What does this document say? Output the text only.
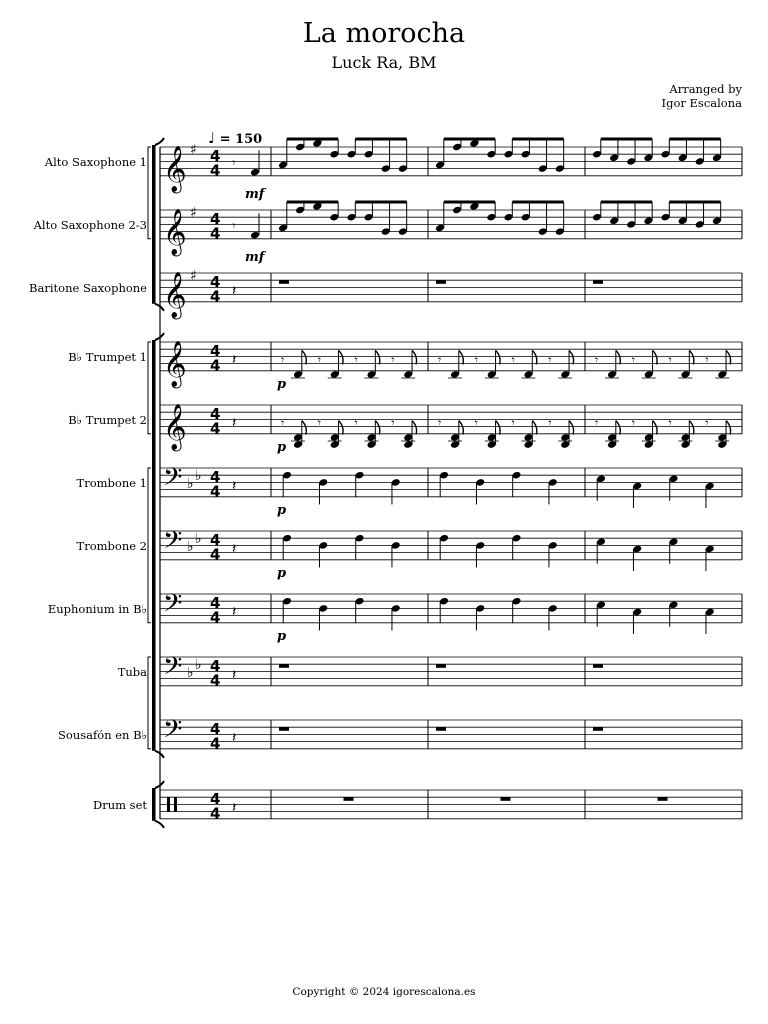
La morocha
Luck Ra, BM
Arranged by
Igor Escalona
♩ = 150
Alto Saxophone 1
Alto Saxophone 2-3
Baritone Saxophone
B♭ Trumpet 1
B♭ Trumpet 2
Trombone 1
Trombone 2
Euphonium in B♭
Tuba
Sousafón en B♭
Drum set
𝄞 ♯ 4
4 𝄾
mf
𝄞 ♯ 4
4 𝄾
mf
𝄞 ♯ 4
4 𝄽
𝄞 4
4 𝄽
p
𝄾	𝄾	𝄾	𝄾	𝄾	𝄾	𝄾	𝄾	𝄾	𝄾	𝄾	𝄾
𝄞 4
4 𝄽
p
𝄾	𝄾	𝄾	𝄾	𝄾	𝄾	𝄾	𝄾	𝄾	𝄾	𝄾	𝄾
𝄢 ♭ ♭ 4
4 𝄽
p
𝄢 ♭ ♭ 4
4 𝄽
p
𝄢 4
4 𝄽
p
𝄢 ♭ ♭ 4
4 𝄽
𝄢 4
4 𝄽
4
4 𝄽
Copyright © 2024 igorescalona.es
